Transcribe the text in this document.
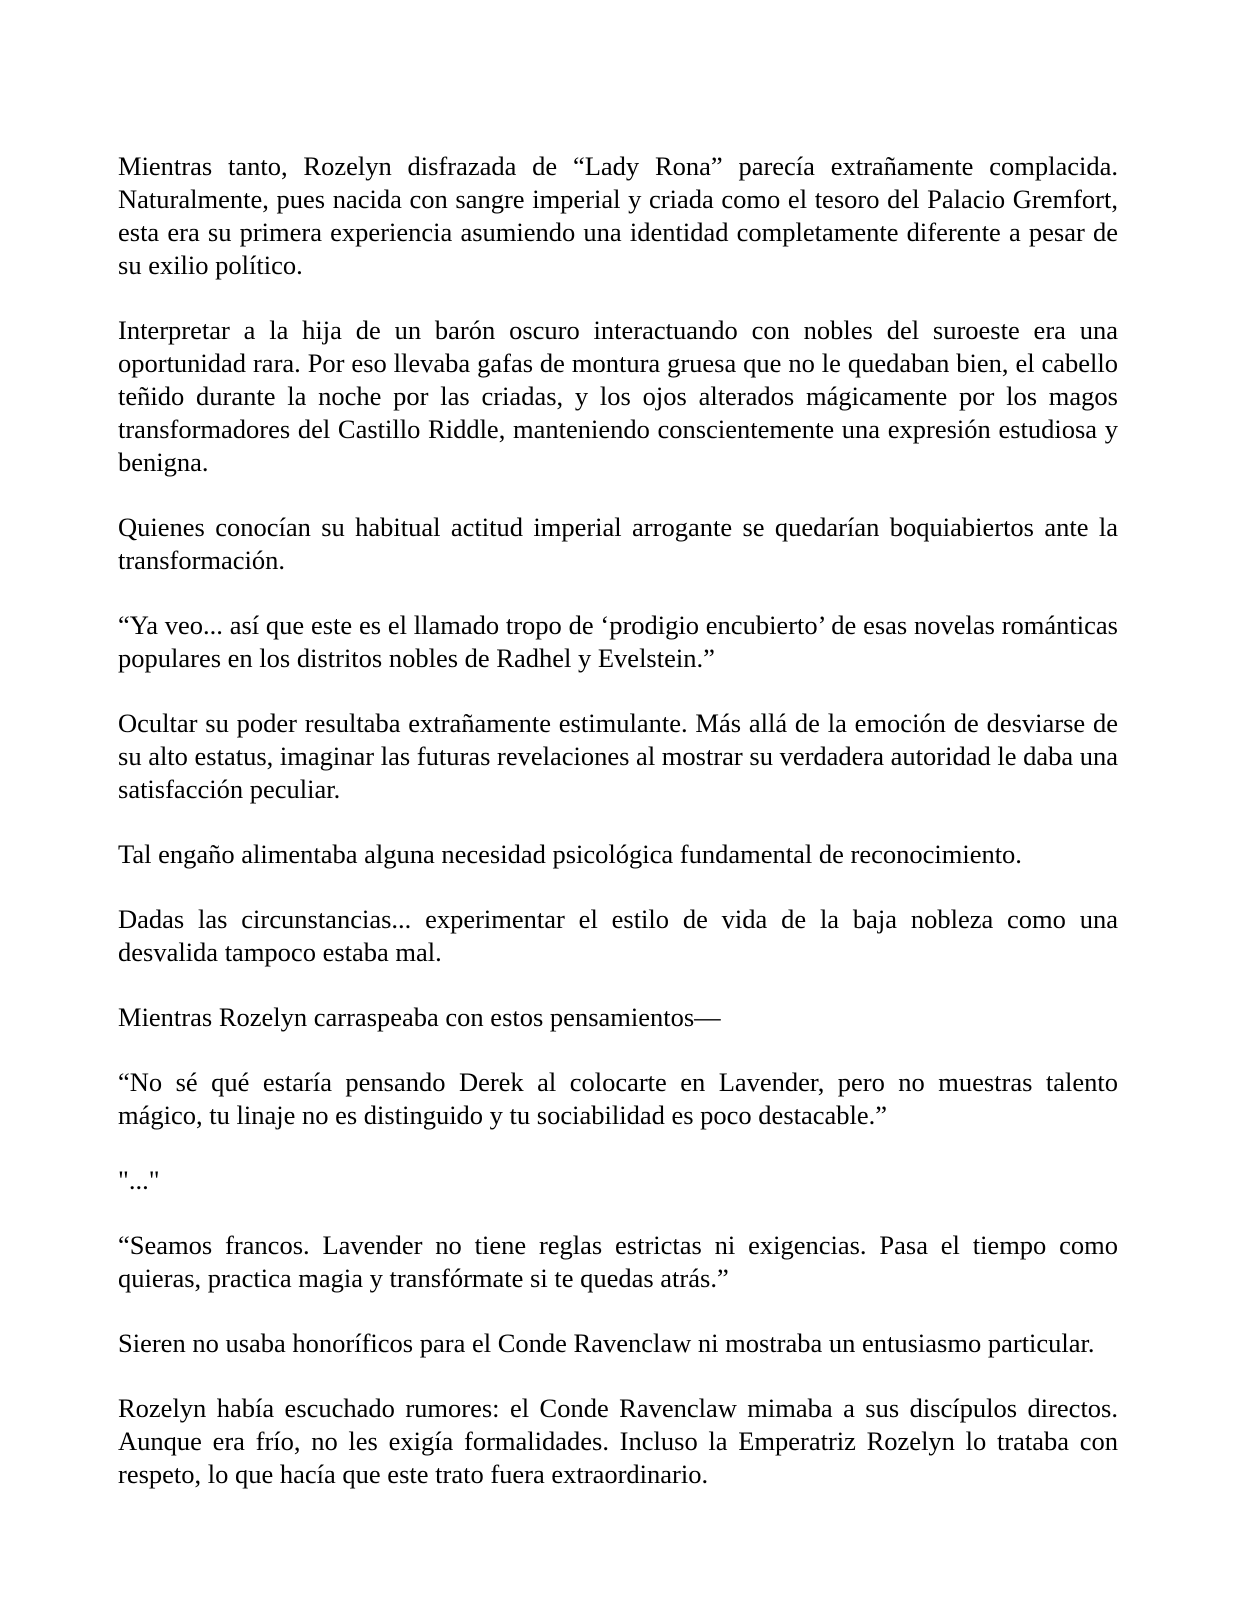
Mientras tanto, Rozelyn disfrazada de “Lady Rona” parecía extrañamente complacida. Naturalmente, pues nacida con sangre imperial y criada como el tesoro del Palacio Gremfort, esta era su primera experiencia asumiendo una identidad completamente diferente a pesar de su exilio político.

Interpretar a la hija de un barón oscuro interactuando con nobles del suroeste era una oportunidad rara. Por eso llevaba gafas de montura gruesa que no le quedaban bien, el cabello teñido durante la noche por las criadas, y los ojos alterados mágicamente por los magos transformadores del Castillo Riddle, manteniendo conscientemente una expresión estudiosa y benigna.

Quienes conocían su habitual actitud imperial arrogante se quedarían boquiabiertos ante la transformación.

“Ya veo... así que este es el llamado tropo de ‘prodigio encubierto’ de esas novelas románticas populares en los distritos nobles de Radhel y Evelstein.”

Ocultar su poder resultaba extrañamente estimulante. Más allá de la emoción de desviarse de su alto estatus, imaginar las futuras revelaciones al mostrar su verdadera autoridad le daba una satisfacción peculiar.

Tal engaño alimentaba alguna necesidad psicológica fundamental de reconocimiento.

Dadas las circunstancias... experimentar el estilo de vida de la baja nobleza como una desvalida tampoco estaba mal.

Mientras Rozelyn carraspeaba con estos pensamientos—

“No sé qué estaría pensando Derek al colocarte en Lavender, pero no muestras talento mágico, tu linaje no es distinguido y tu sociabilidad es poco destacable.”

"..."

“Seamos francos. Lavender no tiene reglas estrictas ni exigencias. Pasa el tiempo como quieras, practica magia y transfórmate si te quedas atrás.”

Sieren no usaba honoríficos para el Conde Ravenclaw ni mostraba un entusiasmo particular.

Rozelyn había escuchado rumores: el Conde Ravenclaw mimaba a sus discípulos directos. Aunque era frío, no les exigía formalidades. Incluso la Emperatriz Rozelyn lo trataba con respeto, lo que hacía que este trato fuera extraordinario.
